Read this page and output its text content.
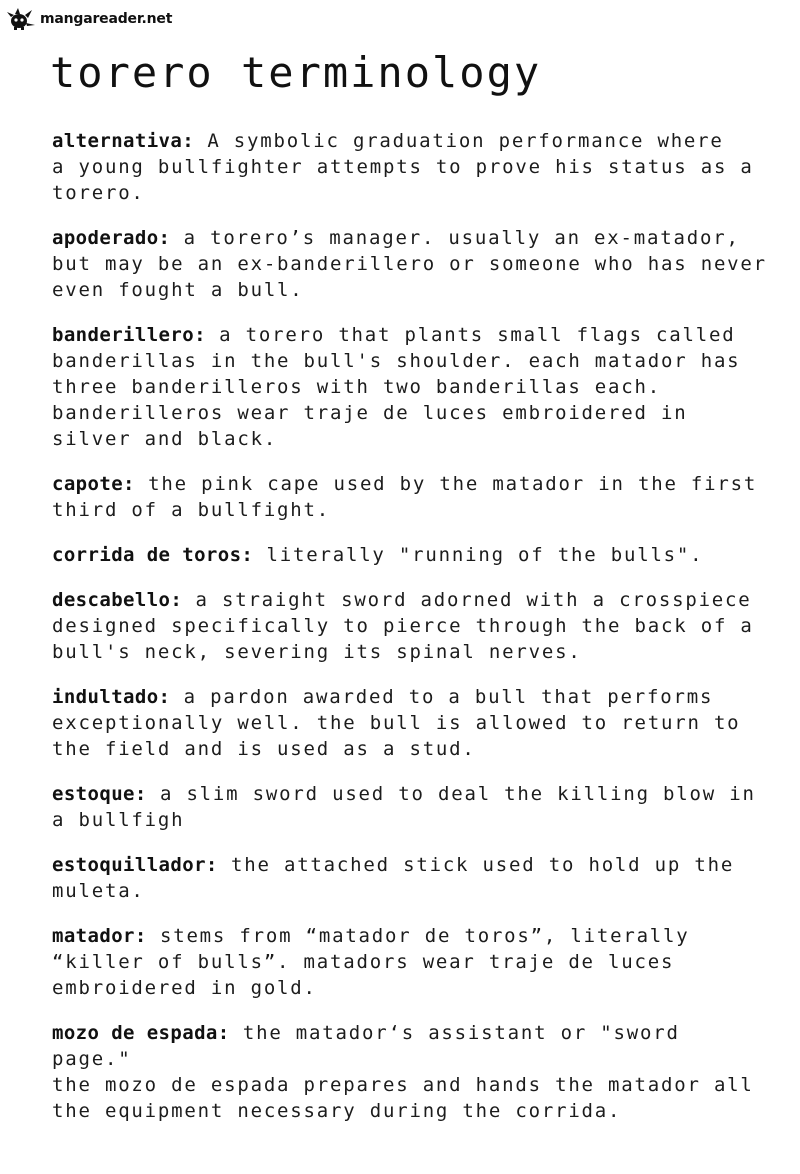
mangareader.net
torero terminology

alternativa: A symbolic graduation performance where
a young bullfighter attempts to prove his status as a
torero.

apoderado: a torero’s manager. usually an ex-matador,
but may be an ex-banderillero or someone who has never
even fought a bull.

banderillero: a torero that plants small flags called
banderillas in the bull's shoulder. each matador has
three banderilleros with two banderillas each.
banderilleros wear traje de luces embroidered in
silver and black.

capote: the pink cape used by the matador in the first
third of a bullfight.

corrida de toros: literally "running of the bulls".

descabello: a straight sword adorned with a crosspiece
designed specifically to pierce through the back of a
bull's neck, severing its spinal nerves.

indultado: a pardon awarded to a bull that performs
exceptionally well. the bull is allowed to return to
the field and is used as a stud.

estoque: a slim sword used to deal the killing blow in
a bullfigh

estoquillador: the attached stick used to hold up the
muleta.

matador: stems from “matador de toros”, literally
“killer of bulls”. matadors wear traje de luces
embroidered in gold.

mozo de espada: the matador‘s assistant or "sword page."
the mozo de espada prepares and hands the matador all
the equipment necessary during the corrida.
